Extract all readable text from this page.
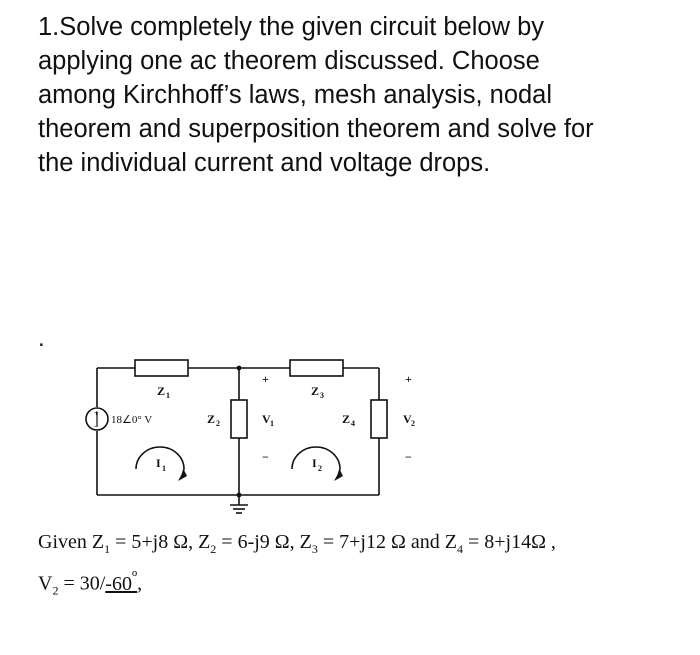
1.Solve completely the given circuit below by
applying one ac theorem discussed. Choose
among Kirchhoff’s laws, mesh analysis, nodal
theorem and superposition theorem and solve for
the individual current and voltage drops.
.
+
−
18∠0° V
Z 1
Z 2
Z 3
Z 4
+
V 1
−
I 1	I 2
+
V 2
−
Given $Z_1 = 5+j8$ Ω, $Z_2 = 6-j9$ Ω, $Z_3 = 7+j12$ Ω and $Z_4 = 8+j14\Omega$ ,
$V_2 = 30/-60^º$,
